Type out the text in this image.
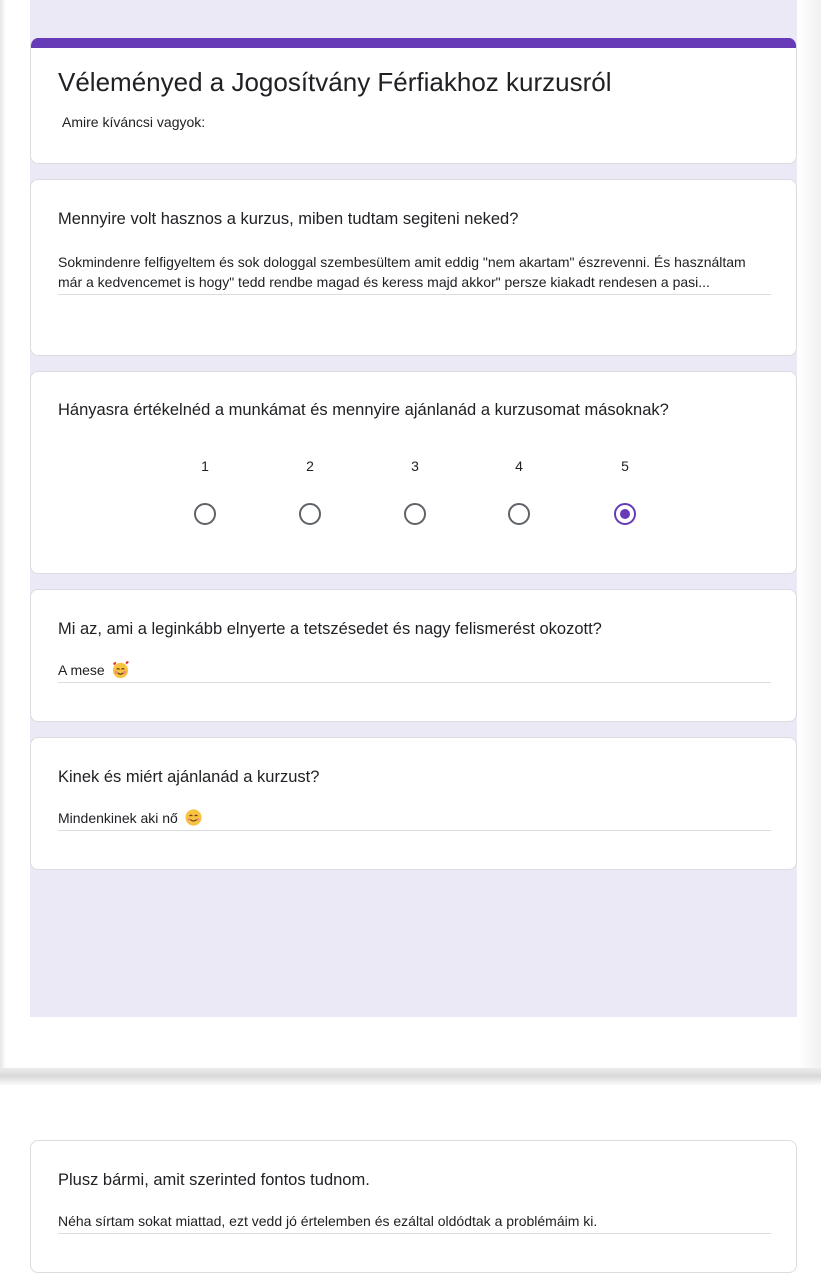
Véleményed a Jogosítvány Férfiakhoz kurzusról
Amire kíváncsi vagyok:
Mennyire volt hasznos a kurzus, miben tudtam segiteni neked?
Sokmindenre felfigyeltem és sok dologgal szembesültem amit eddig "nem akartam" észrevenni. És használtam már a kedvencemet is hogy" tedd rendbe magad és keress majd akkor" persze kiakadt rendesen a pasi...
Hányasra értékelnéd a munkámat és mennyire ajánlanád a kurzusomat másoknak?
1	2	3	4	5
Mi az, ami a leginkább elnyerte a tetszésedet és nagy felismerést okozott?
A mese
Kinek és miért ajánlanád a kurzust?
Mindenkinek aki nő
Plusz bármi, amit szerinted fontos tudnom.
Néha sírtam sokat miattad, ezt vedd jó értelemben és ezáltal oldódtak a problémáim ki.
